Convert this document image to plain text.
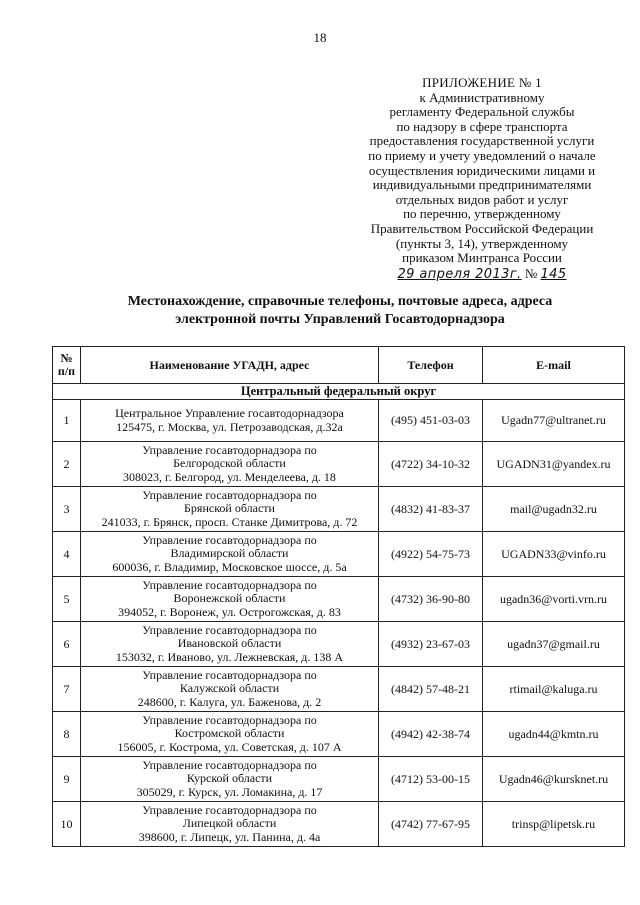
18
ПРИЛОЖЕНИЕ № 1
к Административному
регламенту Федеральной службы
по надзору в сфере транспорта
предоставления государственной услуги
по приему и учету уведомлений о начале
осуществления юридическими лицами и
индивидуальными предпринимателями
отдельных видов работ и услуг
по перечню, утвержденному
Правительством Российской Федерации
(пункты 3, 14), утвержденному
приказом Минтранса России
29 апреля 2013г. № 145
Местонахождение, справочные телефоны, почтовые адреса, адреса
электронной почты Управлений Госавтодорнадзора
№
п/п	Наименование УГАДН, адрес	Телефон	E-mail
Центральный федеральный округ			
1	Центральное Управление госавтодорнадзора
125475, г. Москва, ул. Петрозаводская, д.32а	(495) 451-03-03	Ugadn77@ultranet.ru
2	Управление госавтодорнадзора по
Белгородской области
308023, г. Белгород, ул. Менделеева, д. 18	(4722) 34-10-32	UGADN31@yandex.ru
3	Управление госавтодорнадзора по
Брянской области
241033, г. Брянск, просп. Станке Димитрова, д. 72	(4832) 41-83-37	mail@ugadn32.ru
4	Управление госавтодорнадзора по
Владимирской области
600036, г. Владимир, Московское шоссе, д. 5а	(4922) 54-75-73	UGADN33@vinfo.ru
5	Управление госавтодорнадзора по
Воронежской области
394052, г. Воронеж, ул. Острогожская, д. 83	(4732) 36-90-80	ugadn36@vorti.vrn.ru
6	Управление госавтодорнадзора по
Ивановской области
153032, г. Иваново, ул. Лежневская, д. 138 А	(4932) 23-67-03	ugadn37@gmail.ru
7	Управление госавтодорнадзора по
Калужской области
248600, г. Калуга, ул. Баженова, д. 2	(4842) 57-48-21	rtimail@kaluga.ru
8	Управление госавтодорнадзора по
Костромской области
156005, г. Кострома, ул. Советская, д. 107 А	(4942) 42-38-74	ugadn44@kmtn.ru
9	Управление госавтодорнадзора по
Курской области
305029, г. Курск, ул. Ломакина, д. 17	(4712) 53-00-15	Ugadn46@kursknet.ru
10	Управление госавтодорнадзора по
Липецкой области
398600, г. Липецк, ул. Панина, д. 4а	(4742) 77-67-95	trinsp@lipetsk.ru
